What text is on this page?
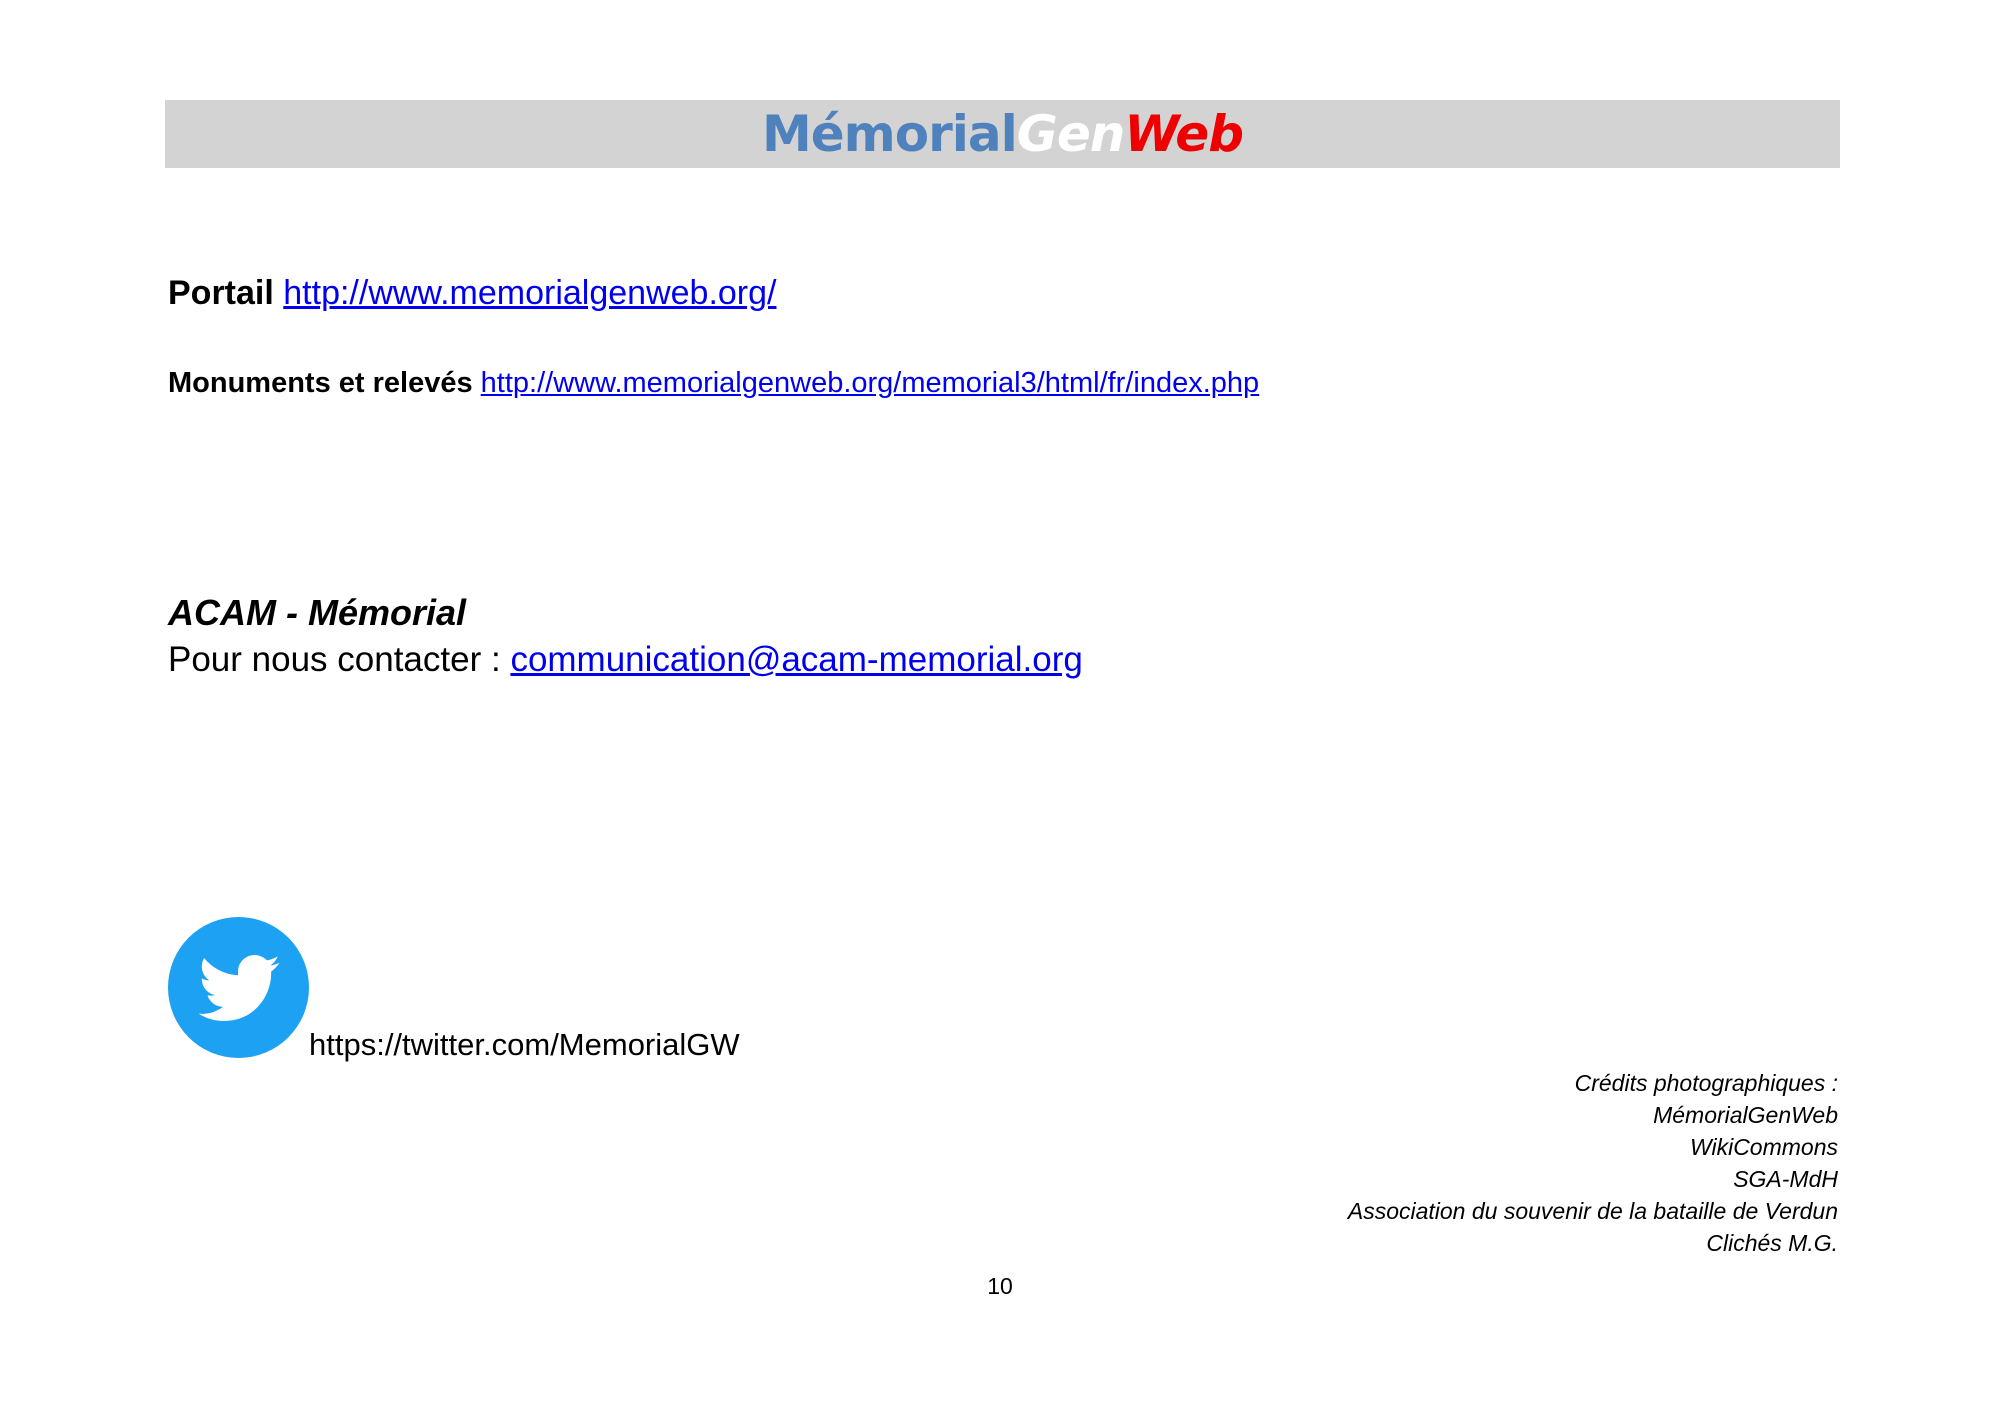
MémorialGenWeb
Portail http://www.memorialgenweb.org/
Monuments et relevés http://www.memorialgenweb.org/memorial3/html/fr/index.php
ACAM - Mémorial
Pour nous contacter : communication@acam-memorial.org
https://twitter.com/MemorialGW
Crédits photographiques :
MémorialGenWeb
WikiCommons
SGA-MdH
Association du souvenir de la bataille de Verdun
Clichés M.G.
10
